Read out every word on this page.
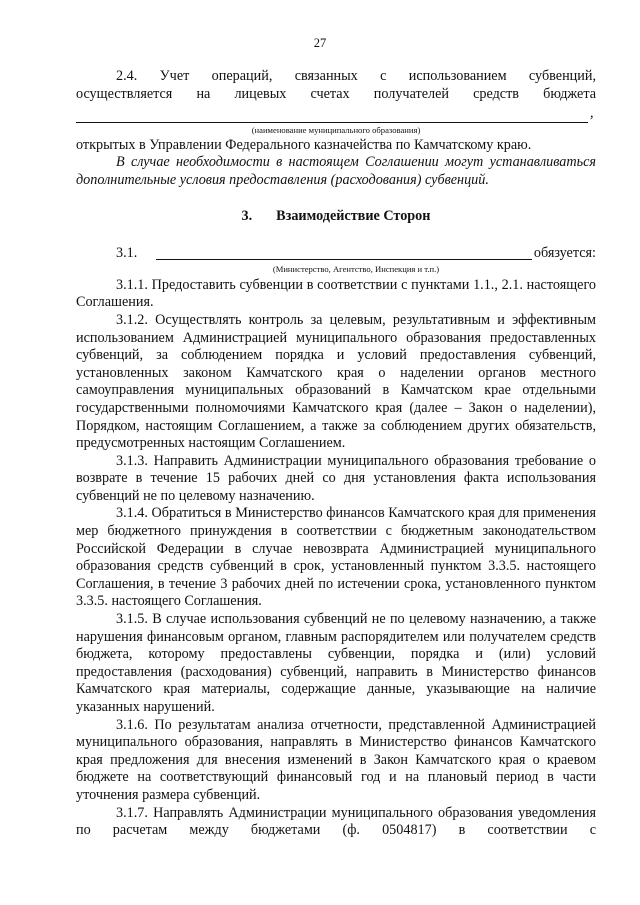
27

2.4. Учет операций, связанных с использованием субвенций,

осуществляется на лицевых счетах получателей средств бюджета

,
(наименование муниципального образования)

открытых в Управлении Федерального казначейства по Камчатскому краю.

В случае необходимости в настоящем Соглашении могут устанавливаться дополнительные условия предоставления (расходования) субвенций.

3. Взаимодействие Сторон
3.1.	обязуется:
(Министерство, Агентство, Инспекция и т.п.)

3.1.1. Предоставить субвенции в соответствии с пунктами 1.1., 2.1. настоящего Соглашения.

3.1.2. Осуществлять контроль за целевым, результативным и эффективным использованием Администрацией муниципального образования предоставленных субвенций, за соблюдением порядка и условий предоставления субвенций, установленных законом Камчатского края о наделении органов местного самоуправления муниципальных образований в Камчатском крае отдельными государственными полномочиями Камчатского края (далее – Закон о наделении), Порядком, настоящим Соглашением, а также за соблюдением других обязательств, предусмотренных настоящим Соглашением.

3.1.3. Направить Администрации муниципального образования требование о возврате в течение 15 рабочих дней со дня установления факта использования субвенций не по целевому назначению.

3.1.4. Обратиться в Министерство финансов Камчатского края для применения мер бюджетного принуждения в соответствии с бюджетным законодательством Российской Федерации в случае невозврата Администрацией муниципального образования средств субвенций в срок, установленный пунктом 3.3.5. настоящего Соглашения, в течение 3 рабочих дней по истечении срока, установленного пунктом 3.3.5. настоящего Соглашения.

3.1.5. В случае использования субвенций не по целевому назначению, а также нарушения финансовым органом, главным распорядителем или получателем средств бюджета, которому предоставлены субвенции, порядка и (или) условий предоставления (расходования) субвенций, направить в Министерство финансов Камчатского края материалы, содержащие данные, указывающие на наличие указанных нарушений.

3.1.6. По результатам анализа отчетности, представленной Администрацией муниципального образования, направлять в Министерство финансов Камчатского края предложения для внесения изменений в Закон Камчатского края о краевом бюджете на соответствующий финансовый год и на плановый период в части уточнения размера субвенций.

3.1.7. Направлять Администрации муниципального образования уведомления по расчетам между бюджетами (ф. 0504817) в соответствии с
